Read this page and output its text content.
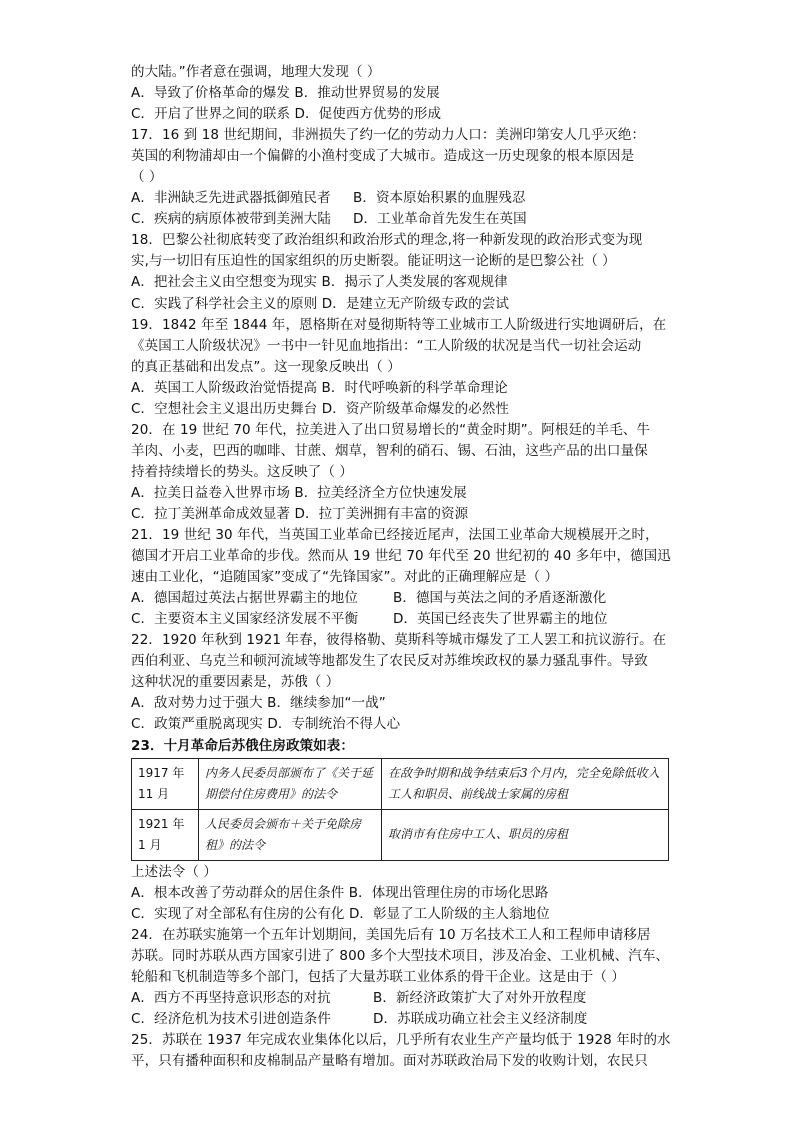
的大陆。”作者意在强调，地理大发现（ ）
A．导致了价格革命的爆发 B．推动世界贸易的发展
C．开启了世界之间的联系 D．促使西方优势的形成
17．16 到 18 世纪期间，非洲损失了约一亿的劳动力人口：美洲印第安人几乎灭绝：
英国的利物浦却由一个偏僻的小渔村变成了大城市。造成这一历史现象的根本原因是
（ ）
A．非洲缺乏先进武器抵御殖民者	B．资本原始积累的血腥残忍
C．疾病的病原体被带到美洲大陆	D．工业革命首先发生在英国
18．巴黎公社彻底转变了政治组织和政治形式的理念,将一种新发现的政治形式变为现
实,与一切旧有压迫性的国家组织的历史断裂。能证明这一论断的是巴黎公社（ ）
A．把社会主义由空想变为现实 B．揭示了人类发展的客观规律
C．实践了科学社会主义的原则 D．是建立无产阶级专政的尝试
19．1842 年至 1844 年，恩格斯在对曼彻斯特等工业城市工人阶级进行实地调研后，在
《英国工人阶级状况》一书中一针见血地指出：“工人阶级的状况是当代一切社会运动
的真正基础和出发点”。这一现象反映出（ ）
A．英国工人阶级政治觉悟提高 B．时代呼唤新的科学革命理论
C．空想社会主义退出历史舞台 D．资产阶级革命爆发的必然性
20．在 19 世纪 70 年代，拉美进入了出口贸易增长的“黄金时期”。阿根廷的羊毛、牛
羊肉、小麦，巴西的咖啡、甘蔗、烟草，智利的硝石、锡、石油，这些产品的出口量保
持着持续增长的势头。这反映了（ ）
A．拉美日益卷入世界市场 B．拉美经济全方位快速发展
C．拉丁美洲革命成效显著 D．拉丁美洲拥有丰富的资源
21．19 世纪 30 年代，当英国工业革命已经接近尾声，法国工业革命大规模展开之时，
德国才开启工业革命的步伐。然而从 19 世纪 70 年代至 20 世纪初的 40 多年中，德国迅
速由工业化，“追随国家”变成了“先锋国家”。对此的正确理解应是（ ）
A．德国超过英法占据世界霸主的地位	B．德国与英法之间的矛盾逐渐激化
C．主要资本主义国家经济发展不平衡	D．英国已经丧失了世界霸主的地位
22．1920 年秋到 1921 年春，彼得格勒、莫斯科等城市爆发了工人罢工和抗议游行。在
西伯利亚、乌克兰和顿河流域等地都发生了农民反对苏维埃政权的暴力骚乱事件。导致
这种状况的重要因素是，苏俄（ ）
A．敌对势力过于强大 B．继续参加“一战”
C．政策严重脱离现实 D．专制统治不得人心
23．十月革命后苏俄住房政策如表：
1917 年
11 月	内务人民委员部颁布了《关于延期偿付住房费用》的法令	在敌争时期和战争结束后3个月内，完全免除低收入工人和职员、前线战士家属的房租
1921 年
1 月	人民委员会颁布＋关于免除房租》的法令	取消市有住房中工人、职员的房租
上述法令（ ）
A．根本改善了劳动群众的居住条件 B．体现出管理住房的市场化思路
C．实现了对全部私有住房的公有化 D．彰显了工人阶级的主人翁地位
24．在苏联实施第一个五年计划期间，美国先后有 10 万名技术工人和工程师申请移居
苏联。同时苏联从西方国家引进了 800 多个大型技术项目，涉及冶金、工业机械、汽车、
轮船和飞机制造等多个部门，包括了大量苏联工业体系的骨干企业。这是由于（ ）
A．西方不再坚持意识形态的对抗	B．新经济政策扩大了对外开放程度
C．经济危机为技术引进创造条件	D．苏联成功确立社会主义经济制度
25．苏联在 1937 年完成农业集体化以后，几乎所有农业生产产量均低于 1928 年时的水
平，只有播种面积和皮棉制品产量略有增加。面对苏联政治局下发的收购计划，农民只
